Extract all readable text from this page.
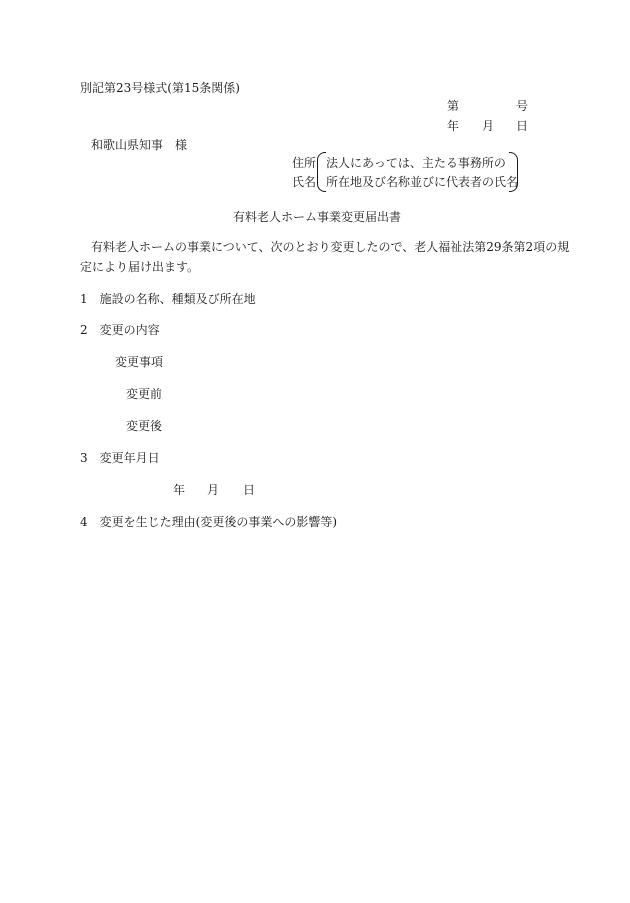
別記第23号様式(第15条関係)
第	号
年 月 日
和歌山県知事　様
住所
氏名
法人にあっては、主たる事務所の
所在地及び名称並びに代表者の氏名
有料老人ホーム事業変更届出書
有料老人ホームの事業について、次のとおり変更したので、老人福祉法第29条第2項の規
定により届け出ます。
1　施設の名称、種類及び所在地
2　変更の内容
変更事項
変更前
変更後
3　変更年月日
年 月 日
4　変更を生じた理由(変更後の事業への影響等)
